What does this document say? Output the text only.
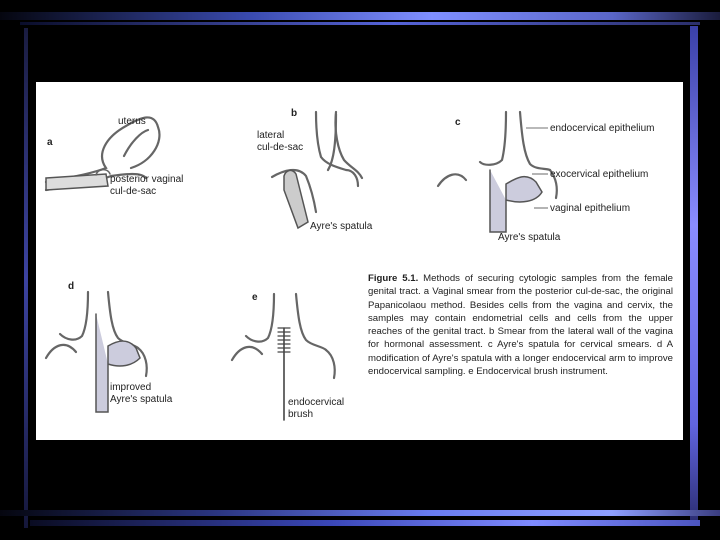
a
b
c
d
e
uterus
posterior vaginal
cul-de-sac
lateral
cul-de-sac
Ayre's spatula
endocervical epithelium
exocervical epithelium
vaginal epithelium
Ayre's spatula
improved
Ayre's spatula	endocervical
brush
Figure 5.1. Methods of securing cytologic samples from the female genital tract. a Vaginal smear from the posterior cul-de-sac, the original Papanicolaou method. Besides cells from the vagina and cervix, the samples may contain endometrial cells and cells from the upper reaches of the genital tract. b Smear from the lateral wall of the vagina for hormonal assessment. c Ayre's spatula for cervical smears. d A modification of Ayre's spatula with a longer endocervical arm to improve endocervical sampling. e Endocervical brush instrument.
